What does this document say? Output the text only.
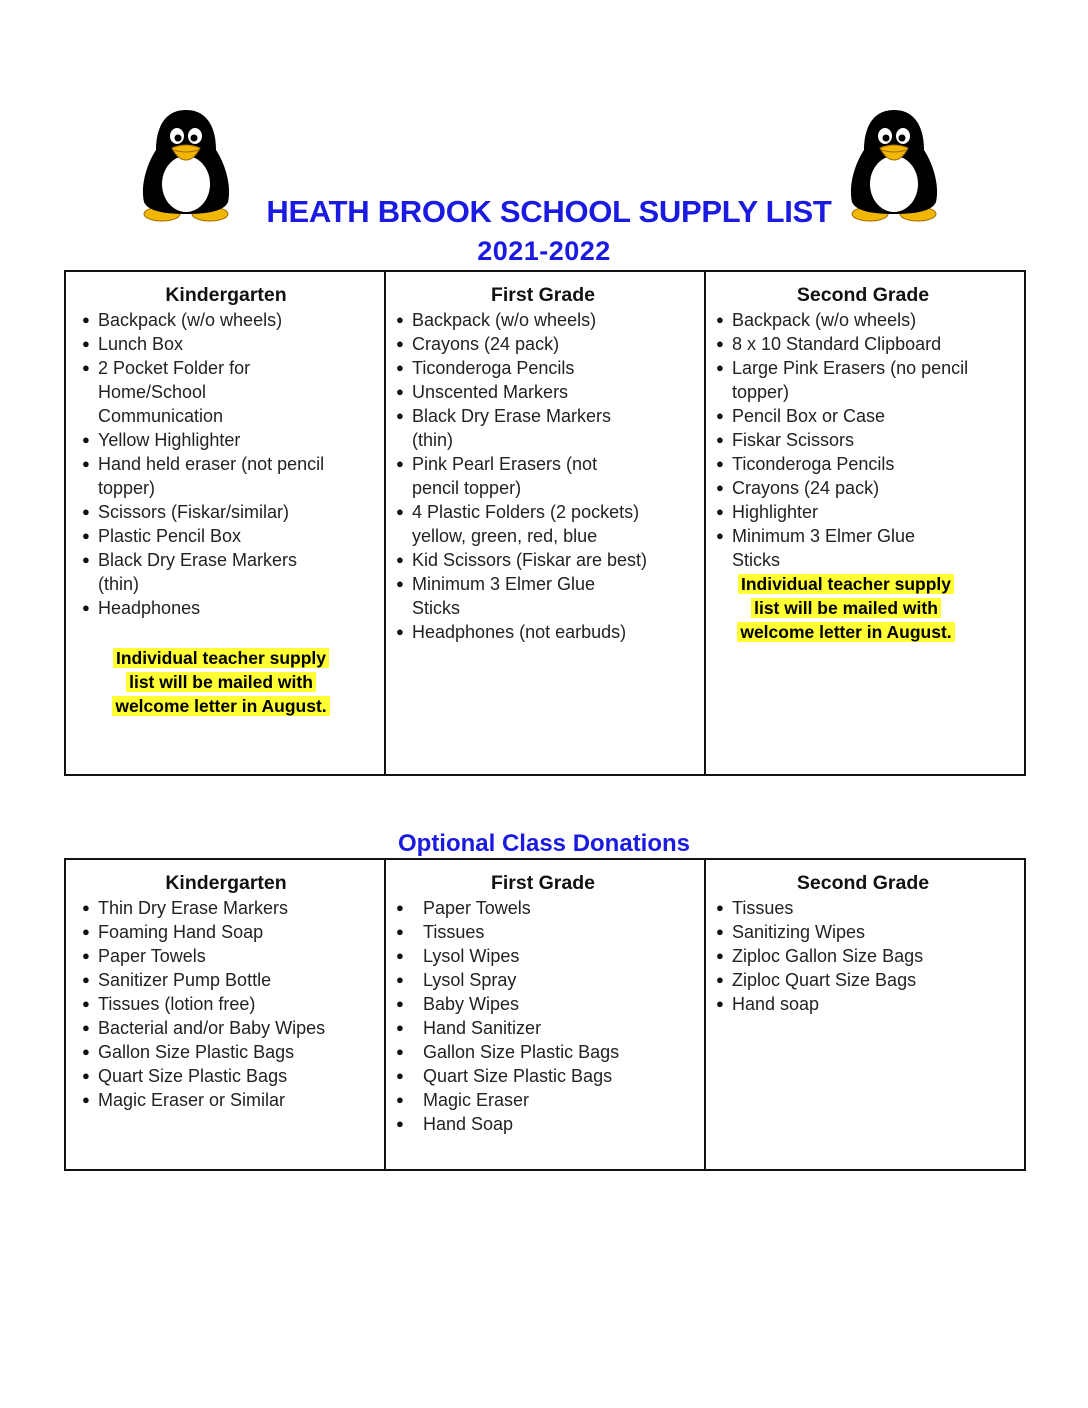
HEATH BROOK SCHOOL SUPPLY LIST
2021-2022
Kindergarten
● Backpack (w/o wheels)
● Lunch Box
● 2 Pocket Folder for Home/School Communication
● Yellow Highlighter
● Hand held eraser (not pencil topper)
● Scissors (Fiskar/similar)
● Plastic Pencil Box
● Black Dry Erase Markers (thin)
● Headphones
Individual teacher supply
list will be mailed with
welcome letter in August.

First Grade
● Backpack (w/o wheels)
● Crayons (24 pack)
● Ticonderoga Pencils
● Unscented Markers
● Black Dry Erase Markers (thin)
● Pink Pearl Erasers (not pencil topper)
● 4 Plastic Folders (2 pockets) yellow, green, red, blue
● Kid Scissors (Fiskar are best)
● Minimum 3 Elmer Glue Sticks
● Headphones (not earbuds)

Second Grade
● Backpack (w/o wheels)
● 8 x 10 Standard Clipboard
● Large Pink Erasers (no pencil topper)
● Pencil Box or Case
● Fiskar Scissors
● Ticonderoga Pencils
● Crayons (24 pack)
● Highlighter
● Minimum 3 Elmer Glue Sticks
Individual teacher supply
list will be mailed with
welcome letter in August.
Optional Class Donations
Kindergarten
● Thin Dry Erase Markers
● Foaming Hand Soap
● Paper Towels
● Sanitizer Pump Bottle
● Tissues (lotion free)
● Bacterial and/or Baby Wipes
● Gallon Size Plastic Bags
● Quart Size Plastic Bags
● Magic Eraser or Similar

First Grade
● Paper Towels
● Tissues
● Lysol Wipes
● Lysol Spray
● Baby Wipes
● Hand Sanitizer
● Gallon Size Plastic Bags
● Quart Size Plastic Bags
● Magic Eraser
● Hand Soap

Second Grade
● Tissues
● Sanitizing Wipes
● Ziploc Gallon Size Bags
● Ziploc Quart Size Bags
● Hand soap
